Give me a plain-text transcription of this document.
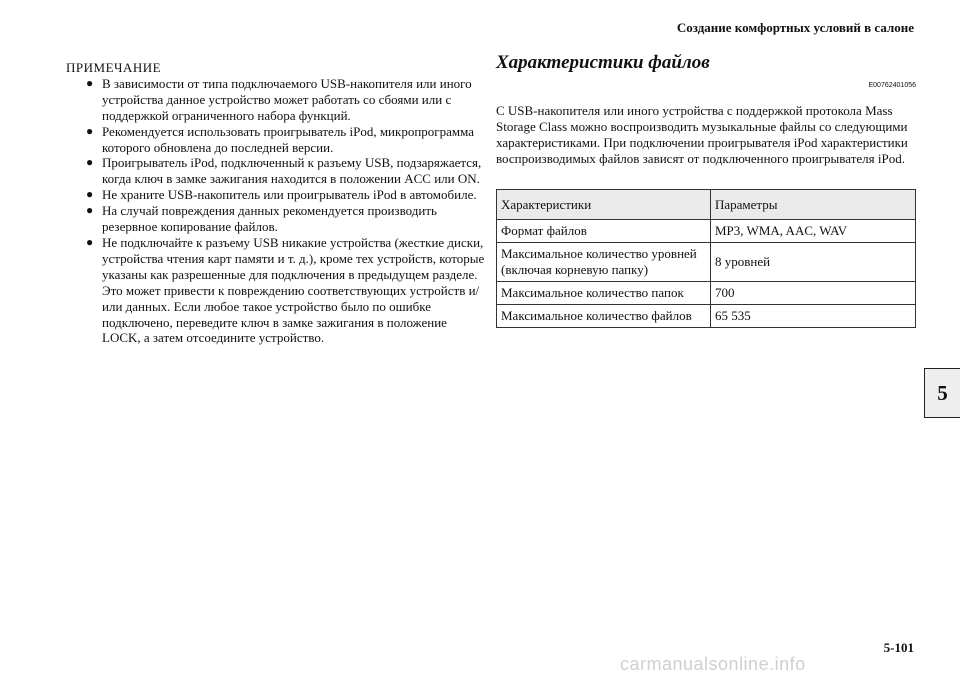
Создание комфортных условий в салоне

ПРИМЕЧАНИЕ

● В зависимости от типа подключаемого USB-накопителя или иного устройства данное устройство может работать со сбоями или с поддержкой ограниченного набора функций.
● Рекомендуется использовать проигрыватель iPod, микропрограмма которого обновлена до последней версии.
● Проигрыватель iPod, подключенный к разъему USB, подзаряжается, когда ключ в замке зажигания находится в положении ACC или ON.
● Не храните USB-накопитель или проигрыватель iPod в автомобиле.
● На случай повреждения данных рекомендуется производить резервное копирование файлов.
● Не подключайте к разъему USB никакие устройства (жесткие диски, устройства чтения карт памяти и т. д.), кроме тех устройств, которые указаны как разрешенные для подключения в предыдущем разделе. Это может привести к повреждению соответствующих устройств и/или данных. Если любое такое устройство было по ошибке подключено, переведите ключ в замке зажигания в положение LOCK, а затем отсоедините устройство.
Характеристики файлов
E00762401056

С USB-накопителя или иного устройства с поддержкой протокола Mass Storage Class можно воспроизводить музыкальные файлы со следующими характеристиками. При подключении проигрывателя iPod характеристики воспроизводимых файлов зависят от подключенного проигрывателя iPod.

Характеристики	Параметры
Формат файлов	MP3, WMA, AAC, WAV
Максимальное количество уровней (включая корневую папку)	8 уровней
Максимальное количество папок	700
Максимальное количество файлов	65 535
5
5-101
carmanualsonline.info
